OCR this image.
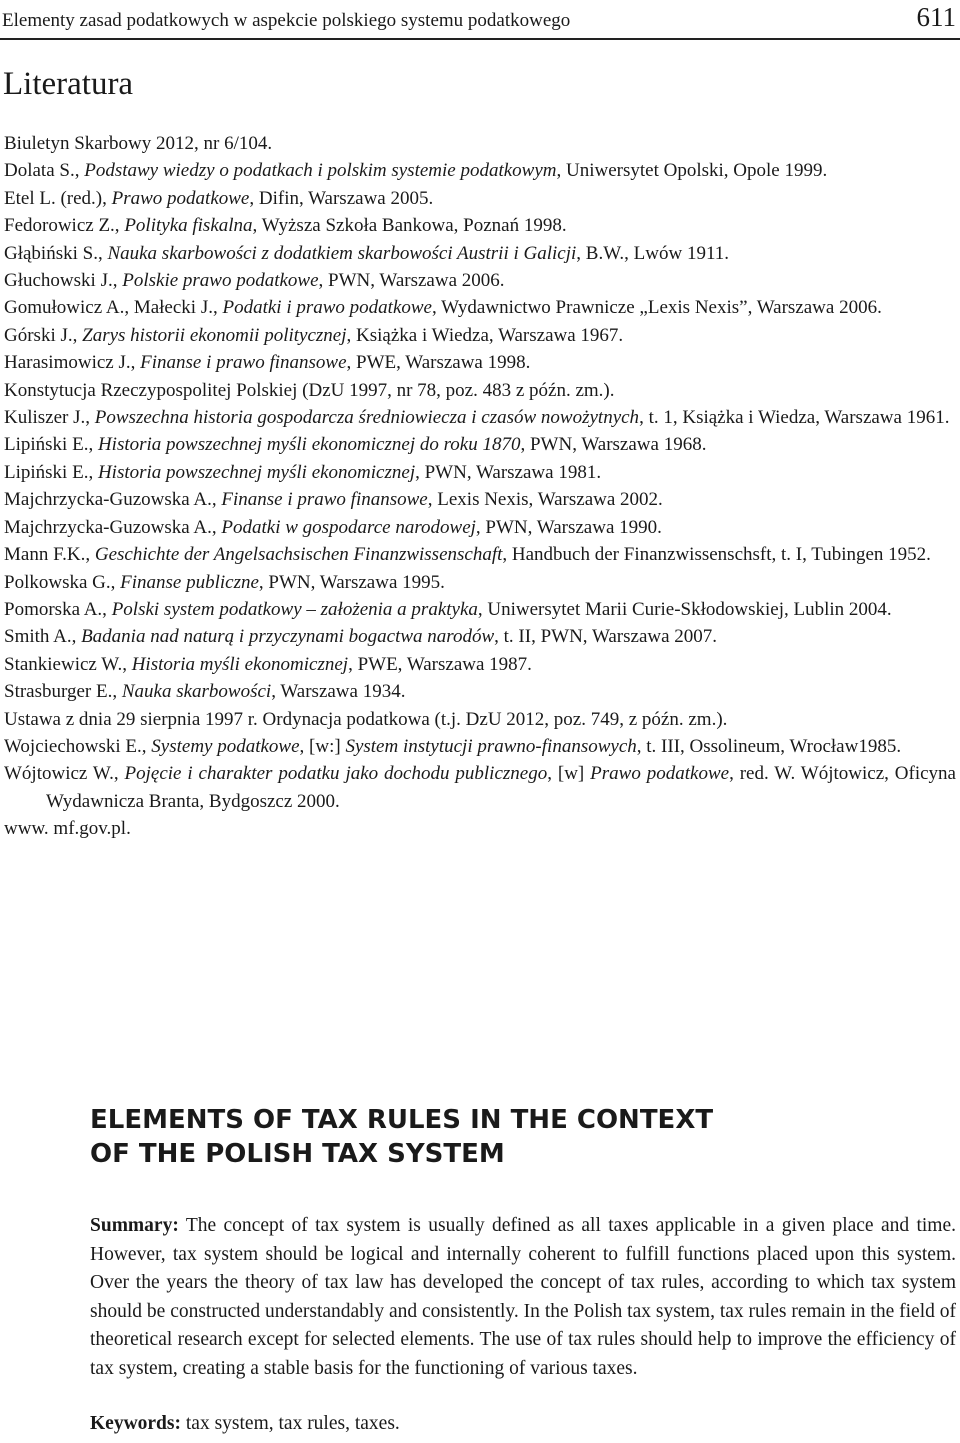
Elementy zasad podatkowych w aspekcie polskiego systemu podatkowego	611
Literatura
Biuletyn Skarbowy 2012, nr 6/104.
Dolata S., Podstawy wiedzy o podatkach i polskim systemie podatkowym, Uniwersytet Opolski, Opole 1999.
Etel L. (red.), Prawo podatkowe, Difin, Warszawa 2005.
Fedorowicz Z., Polityka fiskalna, Wyższa Szkoła Bankowa, Poznań 1998.
Głąbiński S., Nauka skarbowości z dodatkiem skarbowości Austrii i Galicji, B.W., Lwów 1911.
Głuchowski J., Polskie prawo podatkowe, PWN, Warszawa 2006.
Gomułowicz A., Małecki J., Podatki i prawo podatkowe, Wydawnictwo Prawnicze „Lexis Nexis”, Warszawa 2006.
Górski J., Zarys historii ekonomii politycznej, Książka i Wiedza, Warszawa 1967.
Harasimowicz J., Finanse i prawo finansowe, PWE, Warszawa 1998.
Konstytucja Rzeczypospolitej Polskiej (DzU 1997, nr 78, poz. 483 z późn. zm.).
Kuliszer J., Powszechna historia gospodarcza średniowiecza i czasów nowożytnych, t. 1, Książka i Wiedza, Warszawa 1961.
Lipiński E., Historia powszechnej myśli ekonomicznej do roku 1870, PWN, Warszawa 1968.
Lipiński E., Historia powszechnej myśli ekonomicznej, PWN, Warszawa 1981.
Majchrzycka-Guzowska A., Finanse i prawo finansowe, Lexis Nexis, Warszawa 2002.
Majchrzycka-Guzowska A., Podatki w gospodarce narodowej, PWN, Warszawa 1990.
Mann F.K., Geschichte der Angelsachsischen Finanzwissenschaft, Handbuch der Finanzwissenschsft, t. I, Tubingen 1952.
Polkowska G., Finanse publiczne, PWN, Warszawa 1995.
Pomorska A., Polski system podatkowy – założenia a praktyka, Uniwersytet Marii Curie-Skłodowskiej, Lublin 2004.
Smith A., Badania nad naturą i przyczynami bogactwa narodów, t. II, PWN, Warszawa 2007.
Stankiewicz W., Historia myśli ekonomicznej, PWE, Warszawa 1987.
Strasburger E., Nauka skarbowości, Warszawa 1934.
Ustawa z dnia 29 sierpnia 1997 r. Ordynacja podatkowa (t.j. DzU 2012, poz. 749, z późn. zm.).
Wojciechowski E., Systemy podatkowe, [w:] System instytucji prawno-finansowych, t. III, Ossolineum, Wrocław1985.
Wójtowicz W., Pojęcie i charakter podatku jako dochodu publicznego, [w] Prawo podatkowe, red. W. Wójtowicz, Oficyna Wydawnicza Branta, Bydgoszcz 2000.
www. mf.gov.pl.
ELEMENTS OF TAX RULES IN THE CONTEXT
OF THE POLISH TAX SYSTEM

Summary: The concept of tax system is usually defined as all taxes applicable in a given place and time. However, tax system should be logical and internally coherent to fulfill functions placed upon this system. Over the years the theory of tax law has developed the concept of tax rules, according to which tax system should be constructed understandably and consistently. In the Polish tax system, tax rules remain in the field of theoretical research except for selected elements. The use of tax rules should help to improve the efficiency of tax system, creating a stable basis for the functioning of various taxes.

Keywords: tax system, tax rules, taxes.
